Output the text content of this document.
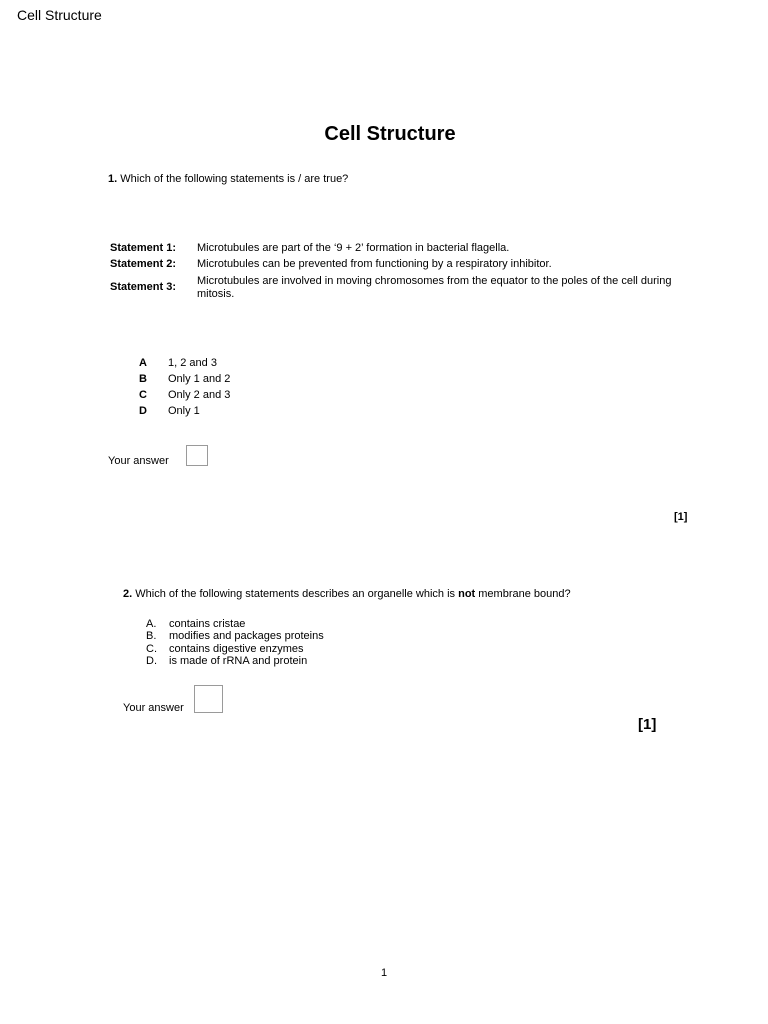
Cell Structure
Cell Structure
1. Which of the following statements is / are true?
Statement 1: Microtubules are part of the ‘9 + 2’ formation in bacterial flagella.
Statement 2: Microtubules can be prevented from functioning by a respiratory inhibitor.
Statement 3: Microtubules are involved in moving chromosomes from the equator to the poles of the cell during mitosis.
A 1, 2 and 3
B Only 1 and 2
C Only 2 and 3
D Only 1
Your answer
[1]
2. Which of the following statements describes an organelle which is not membrane bound?
A. contains cristae
B. modifies and packages proteins
C. contains digestive enzymes
D. is made of rRNA and protein
Your answer
[1]
1
